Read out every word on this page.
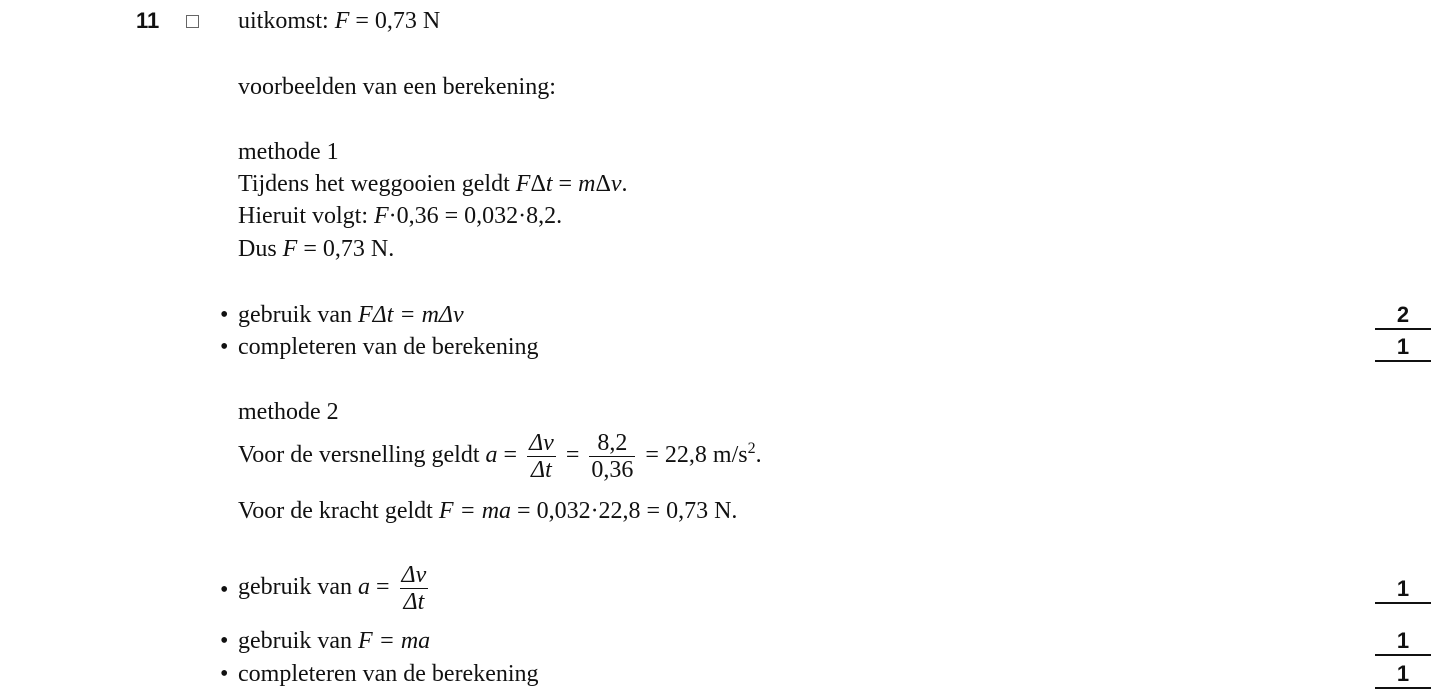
11	uitkomst: F = 0,73 N
voorbeelden van een berekening:
methode 1
Tijdens het weggooien geldt FΔt = mΔv.
Hieruit volgt: F·0,36 = 0,032·8,2.
Dus F = 0,73 N.
• gebruik van FΔt = mΔv	2
• completeren van de berekening	1
methode 2
Voor de versnelling geldt $a = \frac{\Delta v}{\Delta t} = \frac{8,2}{0,36} = 22,8$ $m/s^2$.
Voor de kracht geldt F = ma = 0,032·22,8 = 0,73 N.
• gebruik van $a = \frac{\Delta v}{\Delta t}$	1
• gebruik van F = ma	1
• completeren van de berekening	1
